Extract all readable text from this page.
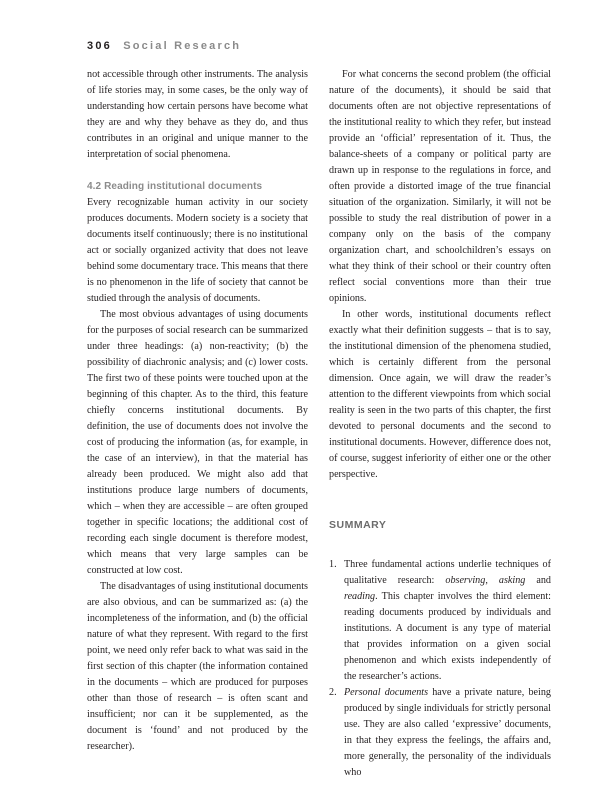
306 Social Research

not accessible through other instruments. The analysis of life stories may, in some cases, be the only way of understanding how certain persons have become what they are and why they behave as they do, and thus contributes in an original and unique manner to the interpretation of social phenomena.

4.2 Reading institutional documents

Every recognizable human activity in our society produces documents. Modern society is a society that documents itself continuously; there is no institutional act or socially organized activity that does not leave behind some documentary trace. This means that there is no phenomenon in the life of society that cannot be studied through the analysis of documents.

The most obvious advantages of using documents for the purposes of social research can be summarized under three headings: (a) non-reactivity; (b) the possibility of diachronic analysis; and (c) lower costs. The first two of these points were touched upon at the beginning of this chapter. As to the third, this feature chiefly concerns institutional documents. By definition, the use of documents does not involve the cost of producing the information (as, for example, in the case of an interview), in that the material has already been produced. We might also add that institutions produce large numbers of documents, which – when they are accessible – are often grouped together in specific locations; the additional cost of recording each single document is therefore modest, which means that very large samples can be constructed at low cost.

The disadvantages of using institutional documents are also obvious, and can be summarized as: (a) the incompleteness of the information, and (b) the official nature of what they represent. With regard to the first point, we need only refer back to what was said in the first section of this chapter (the information contained in the documents – which are produced for purposes other than those of research – is often scant and insufficient; nor can it be supplemented, as the document is ‘found’ and not produced by the researcher).

For what concerns the second problem (the official nature of the documents), it should be said that documents often are not objective representations of the institutional reality to which they refer, but instead provide an ‘official’ representation of it. Thus, the balance-sheets of a company or political party are drawn up in response to the regulations in force, and often provide a distorted image of the true financial situation of the organization. Similarly, it will not be possible to study the real distribution of power in a company only on the basis of the company organization chart, and schoolchildren’s essays on what they think of their school or their country often reflect social conventions more than their true opinions.

In other words, institutional documents reflect exactly what their definition suggests – that is to say, the institutional dimension of the phenomena studied, which is certainly different from the personal dimension. Once again, we will draw the reader’s attention to the different viewpoints from which social reality is seen in the two parts of this chapter, the first devoted to personal documents and the second to institutional documents. However, difference does not, of course, suggest inferiority of either one or the other perspective.

SUMMARY
1. Three fundamental actions underlie techniques of qualitative research: observing, asking and reading. This chapter involves the third element: reading documents produced by individuals and institutions. A document is any type of material that provides information on a given social phenomenon and which exists independently of the researcher’s actions.
2. Personal documents have a private nature, being produced by single individuals for strictly personal use. They are also called ‘expressive’ documents, in that they express the feelings, the affairs and, more generally, the personality of the individuals who
